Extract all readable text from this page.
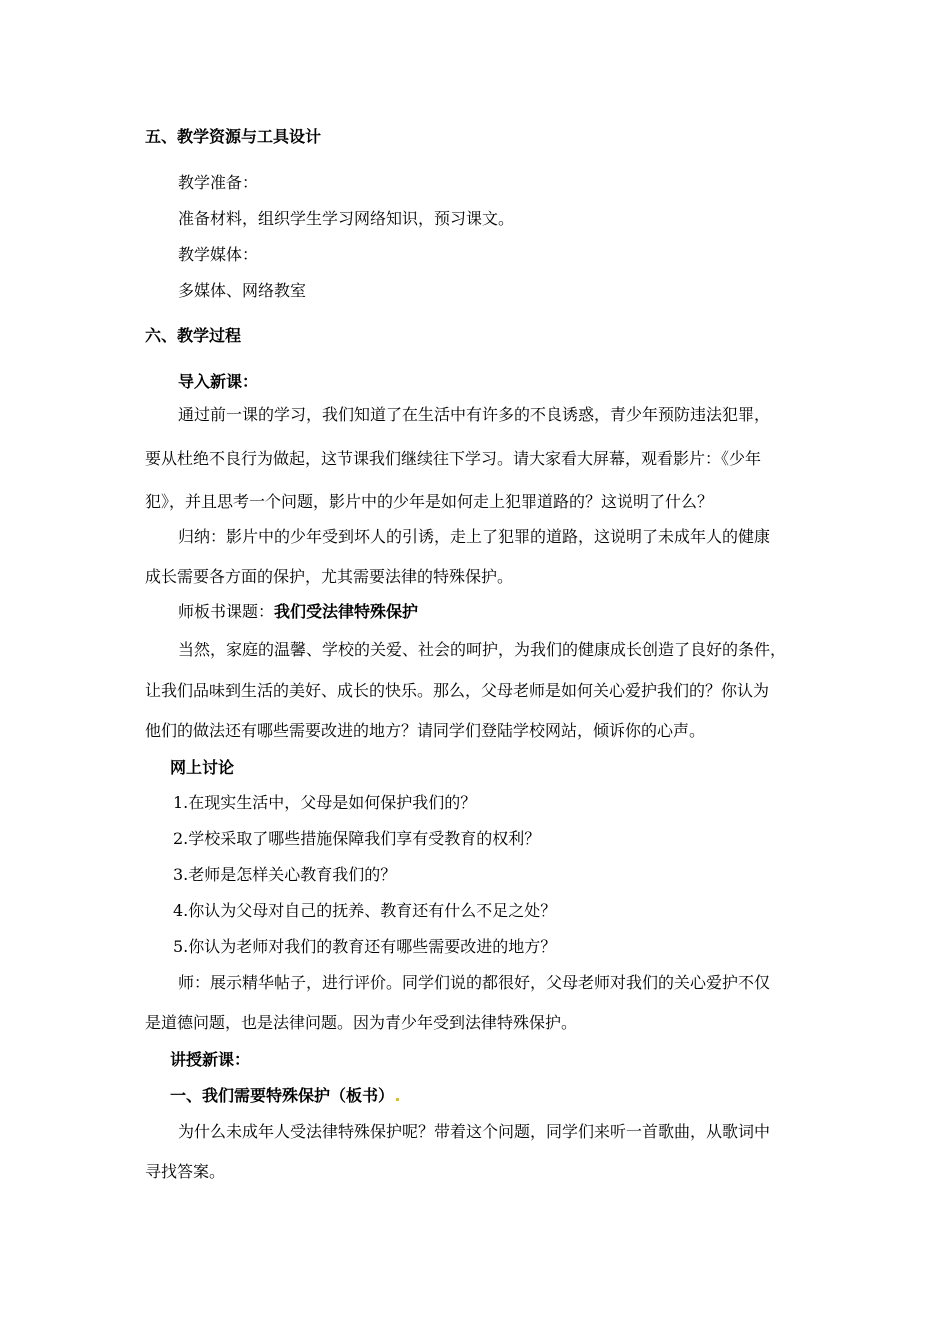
五、教学资源与工具设计
教学准备：
准备材料，组织学生学习网络知识，预习课文。
教学媒体：
多媒体、网络教室
六、教学过程
导入新课：
通过前一课的学习，我们知道了在生活中有许多的不良诱惑，青少年预防违法犯罪，
要从杜绝不良行为做起，这节课我们继续往下学习。请大家看大屏幕，观看影片：《少年
犯》，并且思考一个问题，影片中的少年是如何走上犯罪道路的？这说明了什么？
归纳：影片中的少年受到坏人的引诱，走上了犯罪的道路，这说明了未成年人的健康
成长需要各方面的保护，尤其需要法律的特殊保护。
师板书课题：我们受法律特殊保护
当然，家庭的温馨、学校的关爱、社会的呵护，为我们的健康成长创造了良好的条件，
让我们品味到生活的美好、成长的快乐。那么，父母老师是如何关心爱护我们的？你认为
他们的做法还有哪些需要改进的地方？请同学们登陆学校网站，倾诉你的心声。
网上讨论
1.在现实生活中，父母是如何保护我们的？
2.学校采取了哪些措施保障我们享有受教育的权利？
3.老师是怎样关心教育我们的？
4.你认为父母对自己的抚养、教育还有什么不足之处？
5.你认为老师对我们的教育还有哪些需要改进的地方？
师：展示精华帖子，进行评价。同学们说的都很好，父母老师对我们的关心爱护不仅
是道德问题，也是法律问题。因为青少年受到法律特殊保护。
讲授新课：
一、我们需要特殊保护（板书）
为什么未成年人受法律特殊保护呢？带着这个问题，同学们来听一首歌曲，从歌词中
寻找答案。
